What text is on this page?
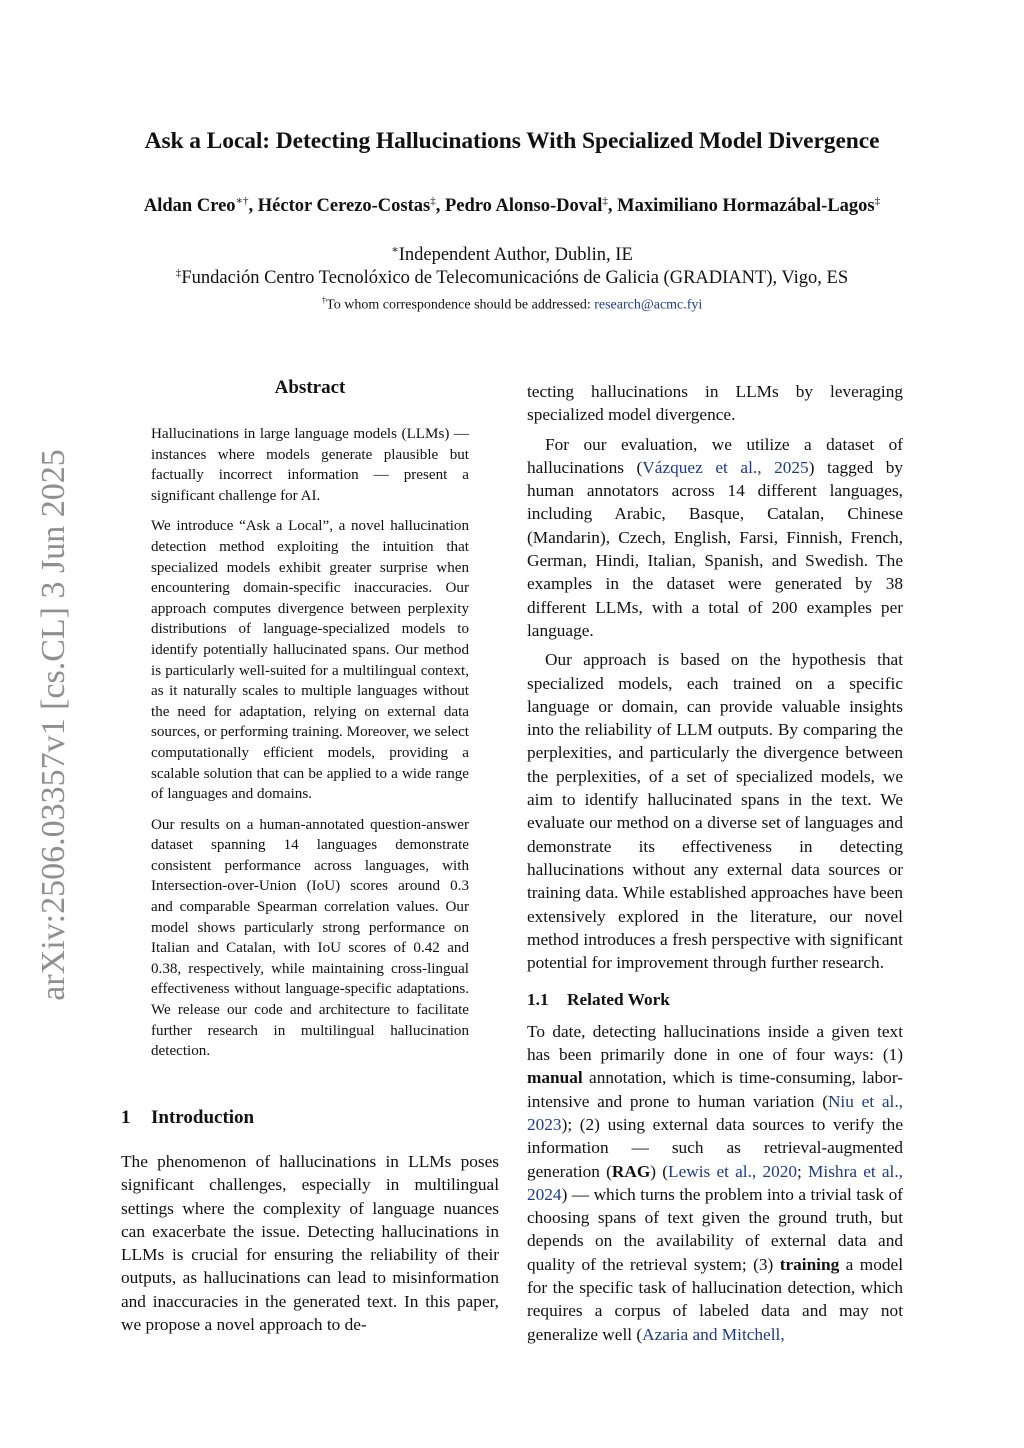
arXiv:2506.03357v1 [cs.CL] 3 Jun 2025
Ask a Local: Detecting Hallucinations With Specialized Model Divergence
Aldan Creo∗†, Héctor Cerezo-Costas‡, Pedro Alonso-Doval‡, Maximiliano Hormazábal-Lagos‡
∗Independent Author, Dublin, IE
‡Fundación Centro Tecnolóxico de Telecomunicacións de Galicia (GRADIANT), Vigo, ES
†To whom correspondence should be addressed: research@acmc.fyi
Abstract

Hallucinations in large language models (LLMs) — instances where models generate plausible but factually incorrect information — present a significant challenge for AI.

We introduce “Ask a Local”, a novel hallucination detection method exploiting the intuition that specialized models exhibit greater surprise when encountering domain-specific inaccuracies. Our approach computes divergence between perplexity distributions of language-specialized models to identify potentially hallucinated spans. Our method is particularly well-suited for a multilingual context, as it naturally scales to multiple languages without the need for adaptation, relying on external data sources, or performing training. Moreover, we select computationally efficient models, providing a scalable solution that can be applied to a wide range of languages and domains.

Our results on a human-annotated question-answer dataset spanning 14 languages demonstrate consistent performance across languages, with Intersection-over-Union (IoU) scores around 0.3 and comparable Spearman correlation values. Our model shows particularly strong performance on Italian and Catalan, with IoU scores of 0.42 and 0.38, respectively, while maintaining cross-lingual effectiveness without language-specific adaptations. We release our code and architecture to facilitate further research in multilingual hallucination detection.

1 Introduction
The phenomenon of hallucinations in LLMs poses significant challenges, especially in multilingual settings where the complexity of language nuances can exacerbate the issue. Detecting hallucinations in LLMs is crucial for ensuring the reliability of their outputs, as hallucinations can lead to misinformation and inaccuracies in the generated text. In this paper, we propose a novel approach to de-

tecting hallucinations in LLMs by leveraging specialized model divergence.

For our evaluation, we utilize a dataset of hallucinations (Vázquez et al., 2025) tagged by human annotators across 14 different languages, including Arabic, Basque, Catalan, Chinese (Mandarin), Czech, English, Farsi, Finnish, French, German, Hindi, Italian, Spanish, and Swedish. The examples in the dataset were generated by 38 different LLMs, with a total of 200 examples per language.

Our approach is based on the hypothesis that specialized models, each trained on a specific language or domain, can provide valuable insights into the reliability of LLM outputs. By comparing the perplexities, and particularly the divergence between the perplexities, of a set of specialized models, we aim to identify hallucinated spans in the text. We evaluate our method on a diverse set of languages and demonstrate its effectiveness in detecting hallucinations without any external data sources or training data. While established approaches have been extensively explored in the literature, our novel method introduces a fresh perspective with significant potential for improvement through further research.

1.1 Related Work

To date, detecting hallucinations inside a given text has been primarily done in one of four ways: (1) manual annotation, which is time-consuming, labor-intensive and prone to human variation (Niu et al., 2023); (2) using external data sources to verify the information — such as retrieval-augmented generation (RAG) (Lewis et al., 2020; Mishra et al., 2024) — which turns the problem into a trivial task of choosing spans of text given the ground truth, but depends on the availability of external data and quality of the retrieval system; (3) training a model for the specific task of hallucination detection, which requires a corpus of labeled data and may not generalize well (Azaria and Mitchell,
